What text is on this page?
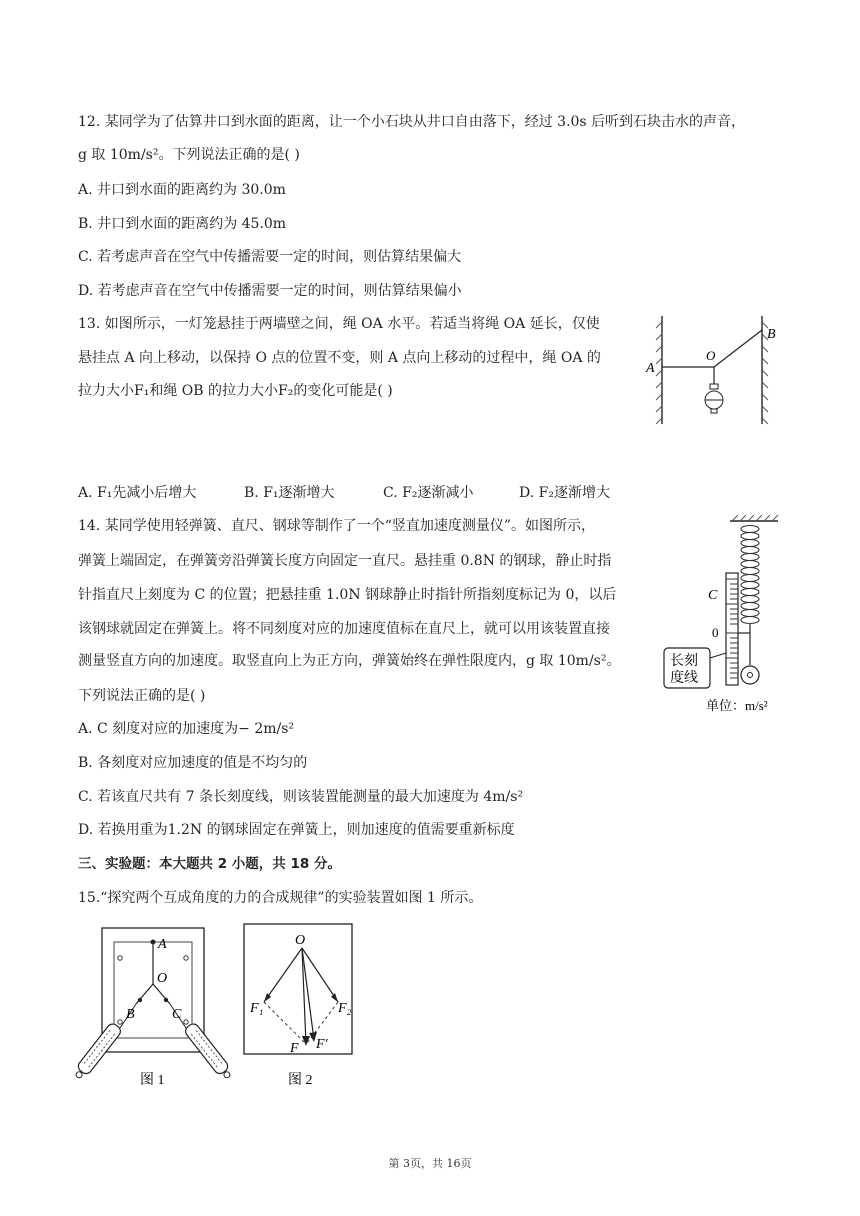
12. 某同学为了估算井口到水面的距离，让一个小石块从井口自由落下，经过 3.0s 后听到石块击水的声音，
g 取 10m/s²。下列说法正确的是( )
A. 井口到水面的距离约为 30.0m
B. 井口到水面的距离约为 45.0m
C. 若考虑声音在空气中传播需要一定的时间，则估算结果偏大
D. 若考虑声音在空气中传播需要一定的时间，则估算结果偏小
13. 如图所示，一灯笼悬挂于两墙壁之间，绳 OA 水平。若适当将绳 OA 延长，仅使
悬挂点 A 向上移动，以保持 O 点的位置不变，则 A 点向上移动的过程中，绳 OA 的
拉力大小F₁和绳 OB 的拉力大小F₂的变化可能是( )
A
O
B
A. F₁先减小后增大	B. F₁逐渐增大	C. F₂逐渐减小	D. F₂逐渐增大
14. 某同学使用轻弹簧、直尺、钢球等制作了一个“竖直加速度测量仪”。如图所示，
弹簧上端固定，在弹簧旁沿弹簧长度方向固定一直尺。悬挂重 0.8N 的钢球，静止时指
针指直尺上刻度为 C 的位置；把悬挂重 1.0N 钢球静止时指针所指刻度标记为 0，以后
该钢球就固定在弹簧上。将不同刻度对应的加速度值标在直尺上，就可以用该装置直接
测量竖直方向的加速度。取竖直向上为正方向，弹簧始终在弹性限度内，g 取 10m/s²。
下列说法正确的是( )
长刻
度线
C
0
单位：m/s²
A. C 刻度对应的加速度为− 2m/s²
B. 各刻度对应加速度的值是不均匀的
C. 若该直尺共有 7 条长刻度线，则该装置能测量的最大加速度为 4m/s²
D. 若换用重为1.2N 的钢球固定在弹簧上，则加速度的值需要重新标度
三、实验题：本大题共 2 小题，共 18 分。
15.“探究两个互成角度的力的合成规律”的实验装置如图 1 所示。
A
B
O
C
图 1
O
F₁	F₂
F F′
图 2
第 3页，共 16页
